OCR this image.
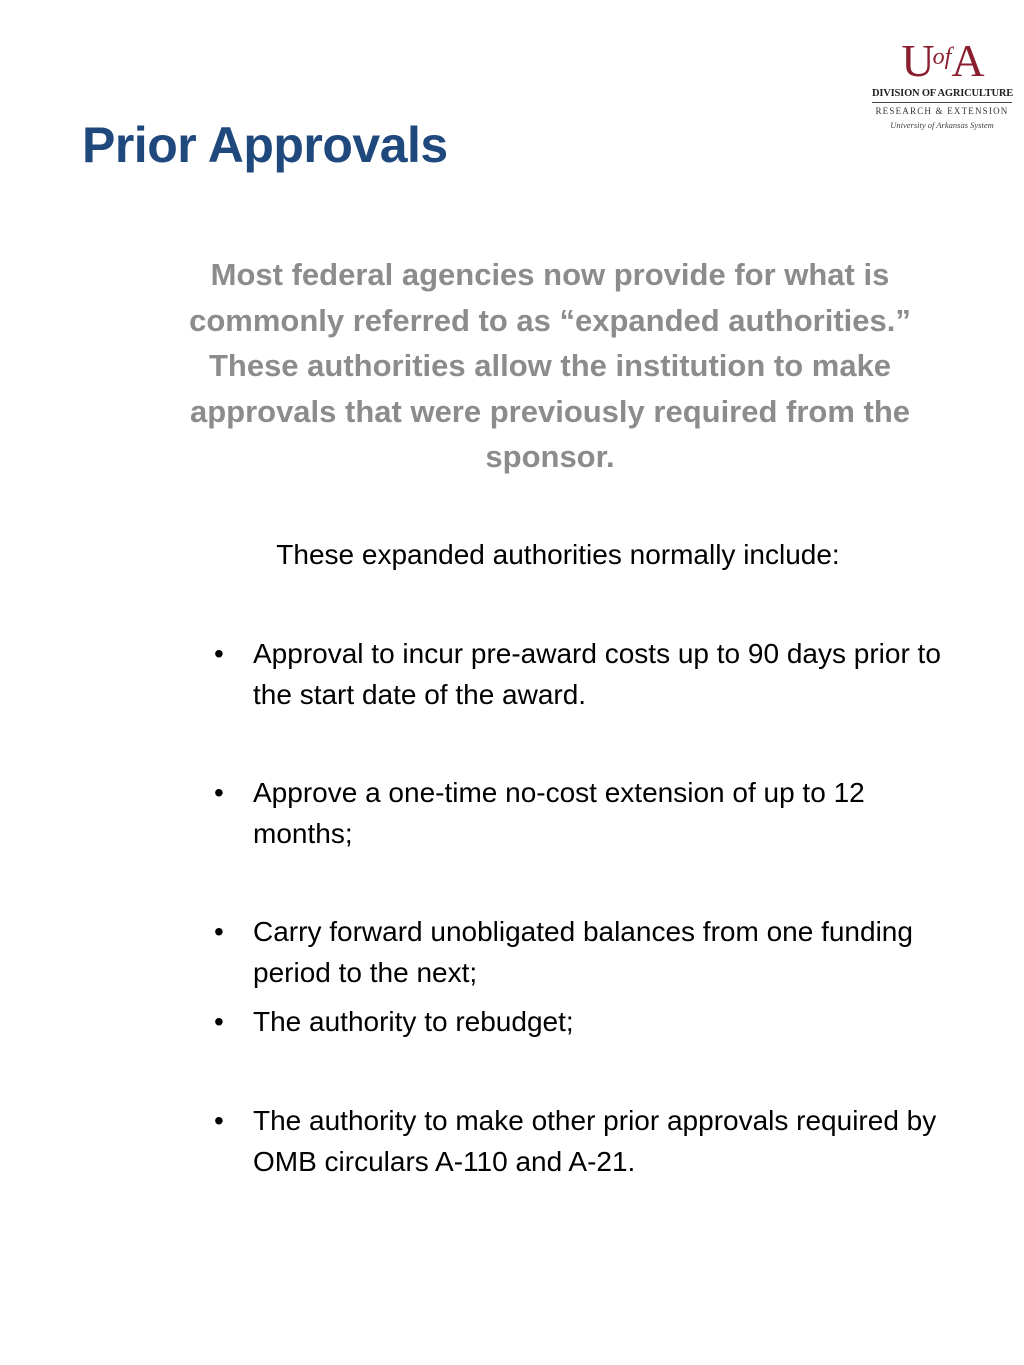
$U^{of}A$
DIVISION OF AGRICULTURE
RESEARCH & EXTENSION
University of Arkansas System
Prior Approvals

Most federal agencies now provide for what is commonly referred to as “expanded authorities.” These authorities allow the institution to make approvals that were previously required from the sponsor.

These expanded authorities normally include:

•	Approval to incur pre-award costs up to 90 days prior to the start date of the award.
•	Approve a one-time no-cost extension of up to 12 months;
•	Carry forward unobligated balances from one funding period to the next;
•	The authority to rebudget;
•	The authority to make other prior approvals required by OMB circulars A-110 and A-21.
